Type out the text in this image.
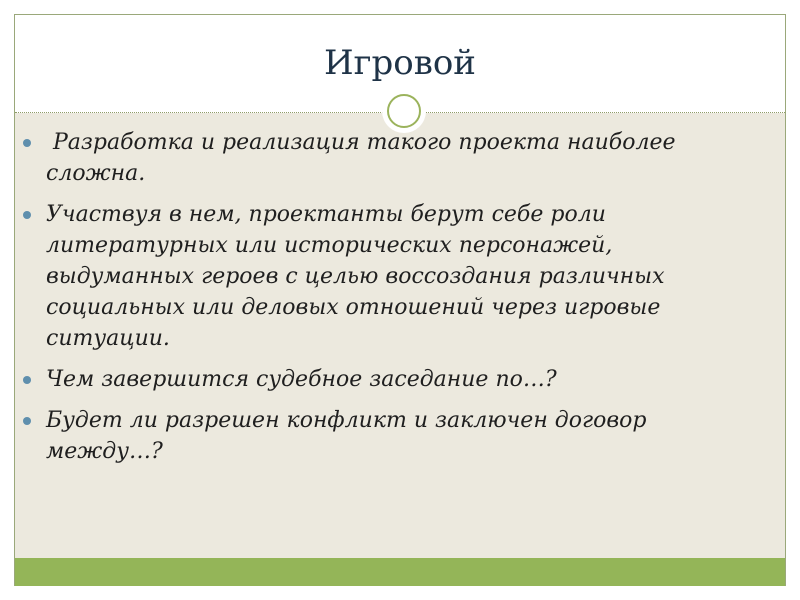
Игровой
Разработка и реализация такого проекта наиболее сложна.
Участвуя в нем, проектанты берут себе роли литературных или исторических персонажей, выдуманных героев с целью воссоздания различных социальных или деловых отношений через игровые ситуации.
Чем завершится судебное заседание по…?
Будет ли разрешен конфликт и заключен договор между…?
